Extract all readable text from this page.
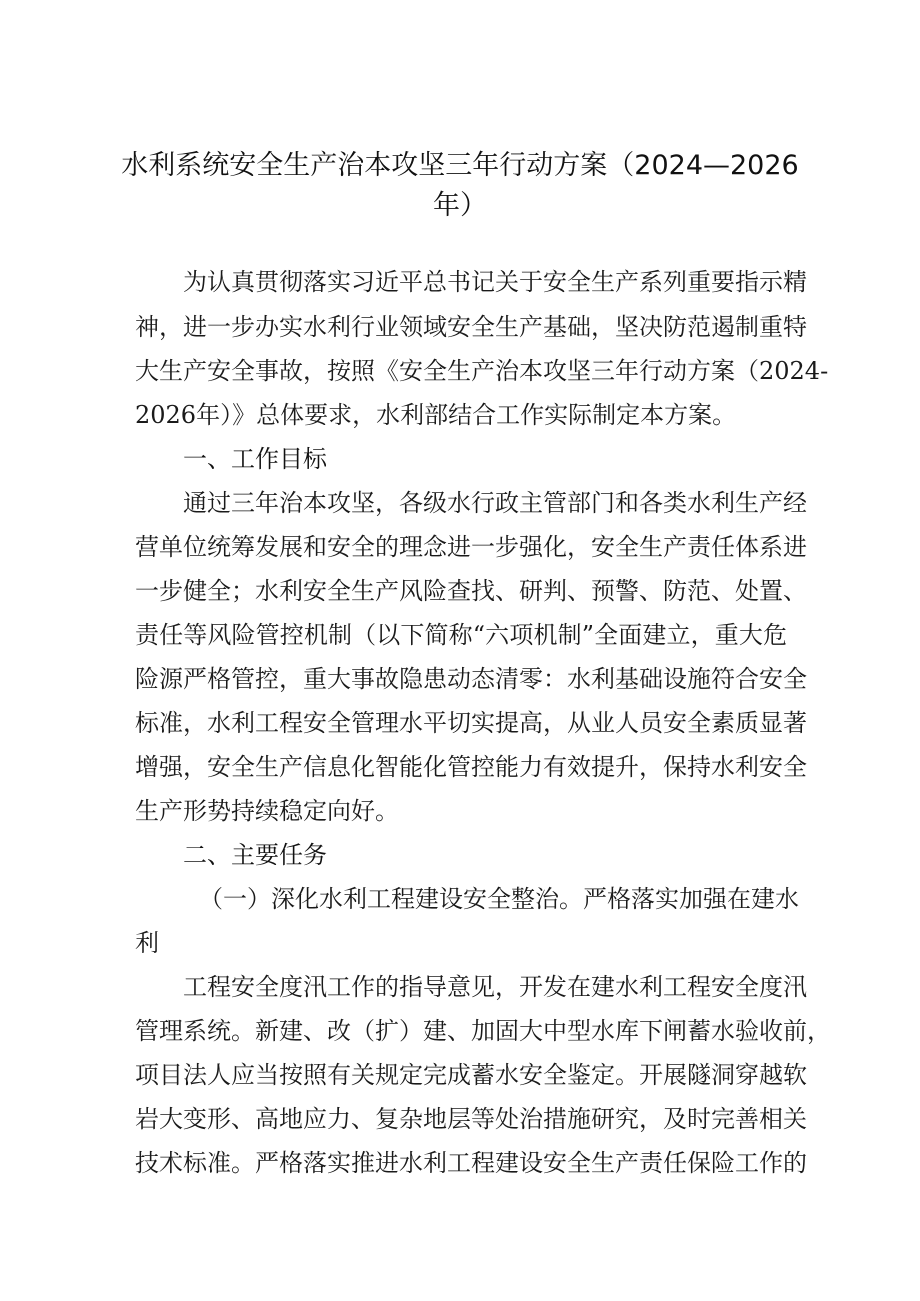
水利系统安全生产治本攻坚三年行动方案（2024—2026
年）
为认真贯彻落实习近平总书记关于安全生产系列重要指示精
神，进一步办实水利行业领域安全生产基础，坚决防范遏制重特
大生产安全事故，按照《安全生产治本攻坚三年行动方案（2024-
2026年）》总体要求，水利部结合工作实际制定本方案。
一、工作目标
通过三年治本攻坚，各级水行政主管部门和各类水利生产经
营单位统筹发展和安全的理念进一步强化，安全生产责任体系进
一步健全；水利安全生产风险查找、研判、预警、防范、处置、
责任等风险管控机制（以下简称“六项机制”全面建立，重大危
险源严格管控，重大事故隐患动态清零：水利基础设施符合安全
标准，水利工程安全管理水平切实提高，从业人员安全素质显著
增强，安全生产信息化智能化管控能力有效提升，保持水利安全
生产形势持续稳定向好。
二、主要任务
（一）深化水利工程建设安全整治。严格落实加强在建水
利
工程安全度汛工作的指导意见，开发在建水利工程安全度汛
管理系统。新建、改（扩）建、加固大中型水库下闸蓄水验收前，
项目法人应当按照有关规定完成蓄水安全鉴定。开展隧洞穿越软
岩大变形、高地应力、复杂地层等处治措施研究，及时完善相关
技术标准。严格落实推进水利工程建设安全生产责任保险工作的
